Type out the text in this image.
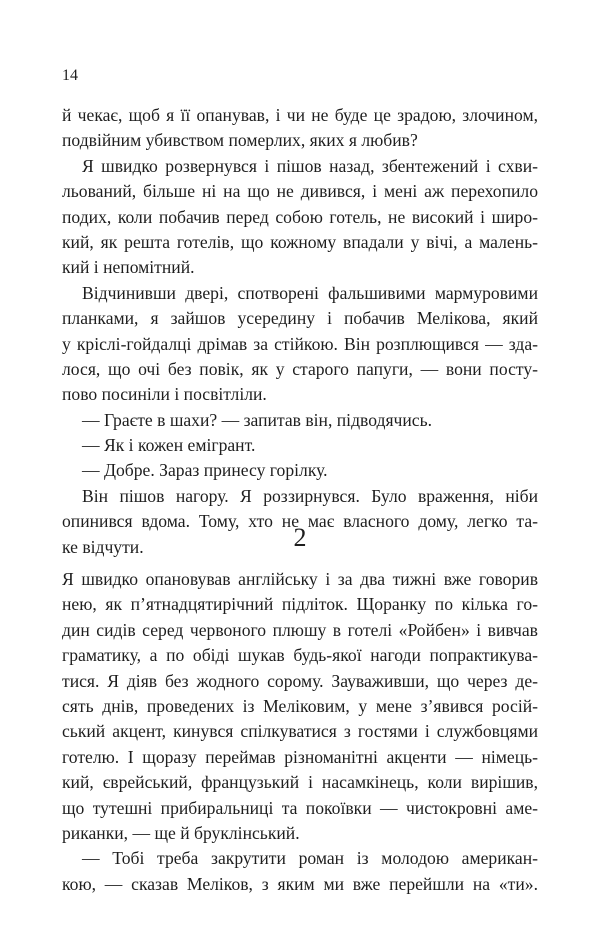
14
й чекає, щоб я її опанував, і чи не буде це зрадою, злочином,
подвійним убивством померлих, яких я любив?
Я швидко розвернувся і пішов назад, збентежений і схви-
льований, більше ні на що не дивився, і мені аж перехопило
подих, коли побачив перед собою готель, не високий і широ-
кий, як решта готелів, що кожному впадали у вічі, а малень-
кий і непомітний.
Відчинивши двері, спотворені фальшивими мармуровими
планками, я зайшов усередину і побачив Мелікова, який
у кріслі-гойдалці дрімав за стійкою. Він розплющився — зда-
лося, що очі без повік, як у старого папуги, — вони посту-
пово посиніли і посвітліли.
— Граєте в шахи? — запитав він, підводячись.
— Як і кожен емігрант.
— Добре. Зараз принесу горілку.
Він пішов нагору. Я роззирнувся. Було враження, ніби
опинився вдома. Тому, хто не має власного дому, легко та-
ке відчути.	2
Я швидко опановував англійську і за два тижні вже говорив
нею, як п’ятнадцятирічний підліток. Щоранку по кілька го-
дин сидів серед червоного плюшу в готелі «Ройбен» і вивчав
граматику, а по обіді шукав будь-якої нагоди попрактикува-
тися. Я діяв без жодного сорому. Зауваживши, що через де-
сять днів, проведених із Меліковим, у мене з’явився росій-
ський акцент, кинувся спілкуватися з гостями і службовцями
готелю. І щоразу переймав різноманітні акценти — німець-
кий, єврейський, французький і насамкінець, коли вирішив,
що тутешні прибиральниці та покоївки — чистокровні аме-
риканки, — ще й бруклінський.
— Тобі треба закрутити роман із молодою американ-
кою, — сказав Меліков, з яким ми вже перейшли на «ти».
